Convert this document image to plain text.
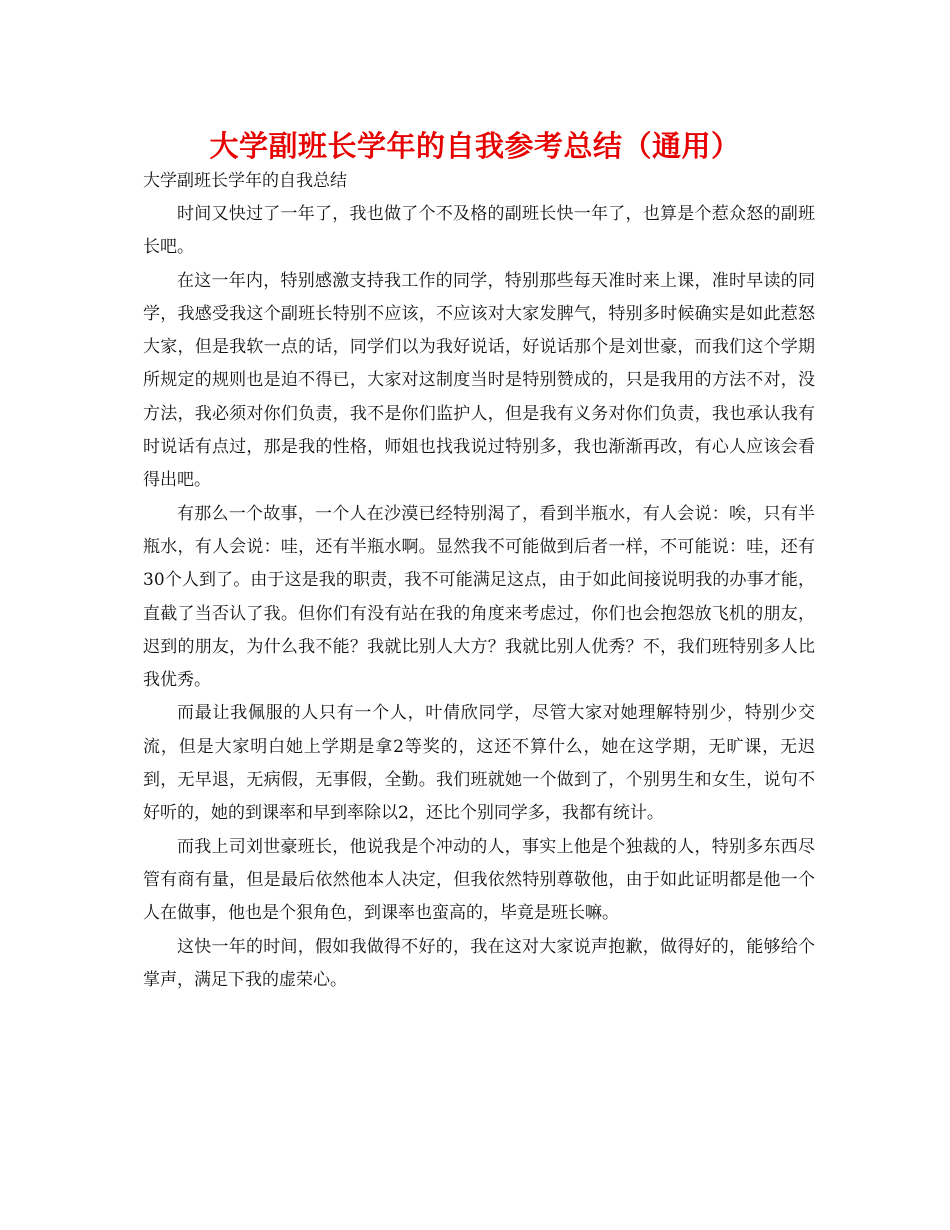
大学副班长学年的自我参考总结（通用）
大学副班长学年的自我总结

时间又快过了一年了，我也做了个不及格的副班长快一年了，也算是个惹众怒的副班长吧。

在这一年内，特别感激支持我工作的同学，特别那些每天准时来上课，准时早读的同学，我感受我这个副班长特别不应该，不应该对大家发脾气，特别多时候确实是如此惹怒大家，但是我软一点的话，同学们以为我好说话，好说话那个是刘世豪，而我们这个学期所规定的规则也是迫不得已，大家对这制度当时是特别赞成的，只是我用的方法不对，没方法，我必须对你们负责，我不是你们监护人，但是我有义务对你们负责，我也承认我有时说话有点过，那是我的性格，师姐也找我说过特别多，我也渐渐再改，有心人应该会看得出吧。

有那么一个故事，一个人在沙漠已经特别渴了，看到半瓶水，有人会说：唉，只有半瓶水，有人会说：哇，还有半瓶水啊。显然我不可能做到后者一样，不可能说：哇，还有30个人到了。由于这是我的职责，我不可能满足这点，由于如此间接说明我的办事才能，直截了当否认了我。但你们有没有站在我的角度来考虑过，你们也会抱怨放飞机的朋友，迟到的朋友，为什么我不能？我就比别人大方？我就比别人优秀？不，我们班特别多人比我优秀。

而最让我佩服的人只有一个人，叶倩欣同学，尽管大家对她理解特别少，特别少交流，但是大家明白她上学期是拿2等奖的，这还不算什么，她在这学期，无旷课，无迟到，无早退，无病假，无事假，全勤。我们班就她一个做到了，个别男生和女生，说句不好听的，她的到课率和早到率除以2，还比个别同学多，我都有统计。

而我上司刘世豪班长，他说我是个冲动的人，事实上他是个独裁的人，特别多东西尽管有商有量，但是最后依然他本人决定，但我依然特别尊敬他，由于如此证明都是他一个人在做事，他也是个狠角色，到课率也蛮高的，毕竟是班长嘛。

这快一年的时间，假如我做得不好的，我在这对大家说声抱歉，做得好的，能够给个掌声，满足下我的虚荣心。
